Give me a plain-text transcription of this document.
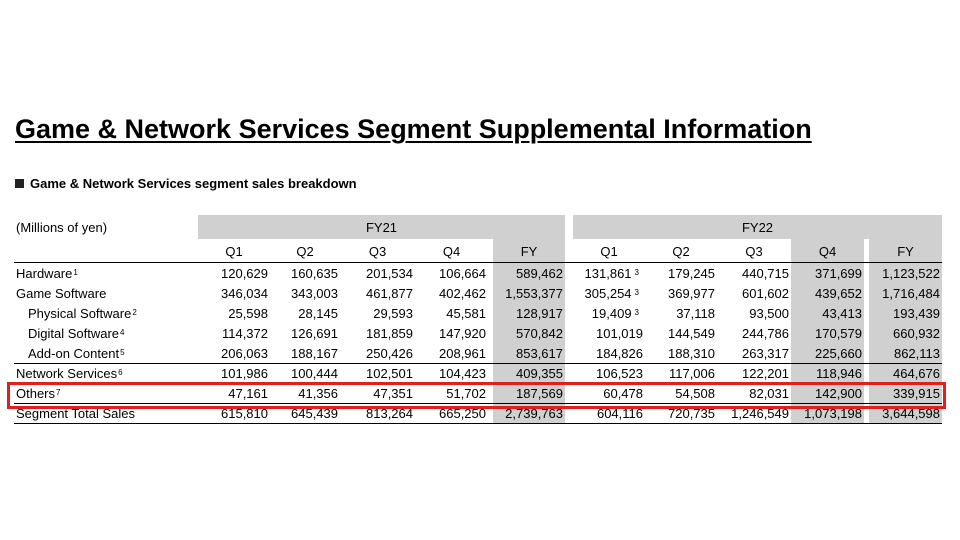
Game & Network Services Segment Supplemental Information
Game & Network Services segment sales breakdown
(Millions of yen)	FY21	FY22
Q1	Q2	Q3	Q4	FY	Q1	Q2	Q3	Q4	FY
Hardware 1	120,629 160,635 201,534 106,664 589,462 131,861 3 179,245 440,715 371,699 1,123,522
Game Software	346,034 343,003 461,877 402,462 1,553,377 305,254 3 369,977 601,602 439,652 1,716,484
Physical Software 2	25,598 28,145	29,593	45,581 128,917 19,409 3	37,118	93,500	43,413 193,439
Digital Software 4	114,372 126,691 181,859 147,920 570,842	101,019 144,549 244,786 170,579 660,932
Add-on Content 5	206,063 188,167 250,426 208,961 853,617	184,826 188,310 263,317 225,660 862,113
Network Services 6	101,986 100,444 102,501 104,423 409,355	106,523 117,006 122,201 118,946 464,676
Others 7	47,161 41,356	47,351	51,702 187,569	60,478 54,508	82,031 142,900 339,915
Segment Total Sales	615,810 645,439 813,264 665,250 2,739,763	604,116 720,735 1,246,549 1,073,198 3,644,598
